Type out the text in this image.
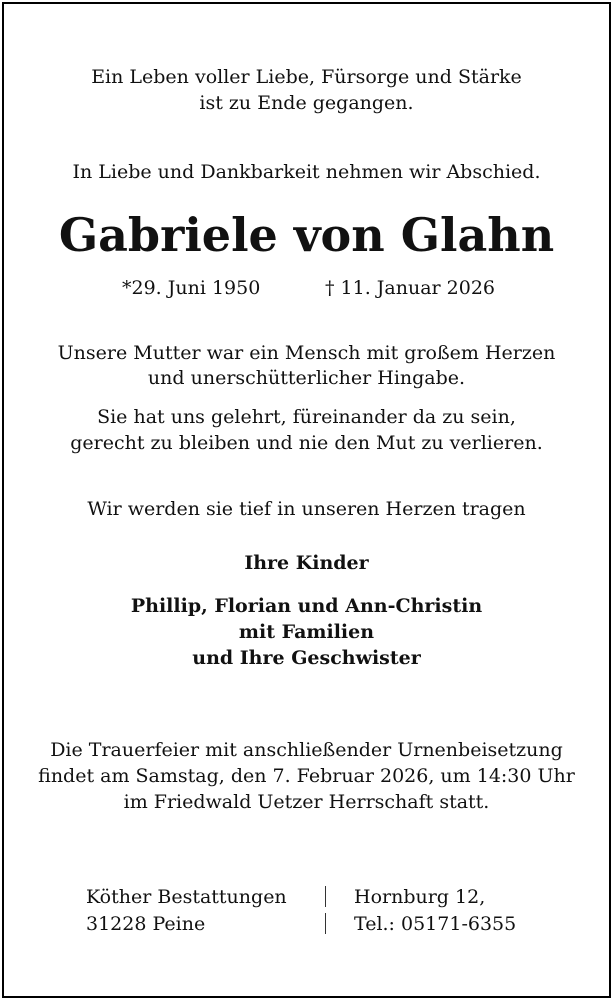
Ein Leben voller Liebe, Fürsorge und Stärke
ist zu Ende gegangen.
In Liebe und Dankbarkeit nehmen wir Abschied.
Gabriele von Glahn
*29. Juni 1950	† 11. Januar 2026
Unsere Mutter war ein Mensch mit großem Herzen
und unerschütterlicher Hingabe.
Sie hat uns gelehrt, füreinander da zu sein,
gerecht zu bleiben und nie den Mut zu verlieren.
Wir werden sie tief in unseren Herzen tragen
Ihre Kinder
Phillip, Florian und Ann-Christin
mit Familien
und Ihre Geschwister
Die Trauerfeier mit anschließender Urnenbeisetzung
findet am Samstag, den 7. Februar 2026, um 14:30 Uhr
im Friedwald Uetzer Herrschaft statt.
Köther Bestattungen
31228 Peine
Hornburg 12,
Tel.: 05171-6355
